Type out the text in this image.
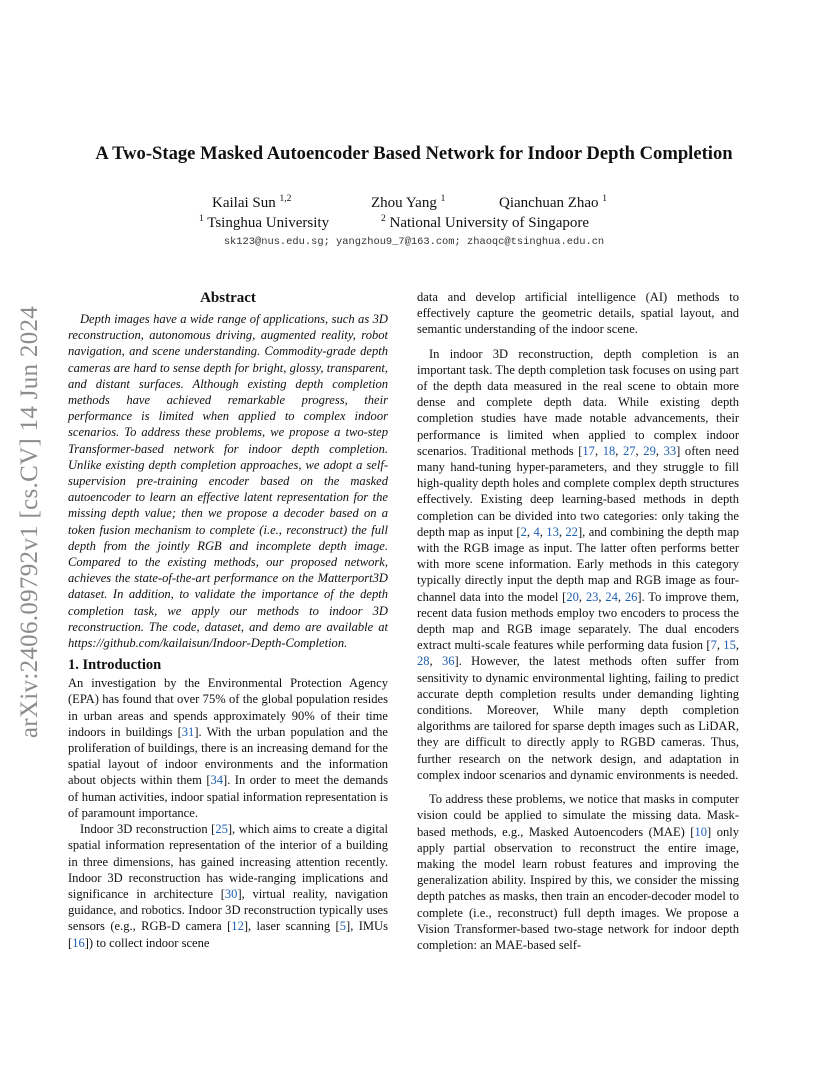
arXiv:2406.09792v1 [cs.CV] 14 Jun 2024
A Two-Stage Masked Autoencoder Based Network for Indoor Depth Completion
Kailai Sun $^{1,2}$	Zhou Yang $^1$	Qianchuan Zhao $^1$
$^1$ Tsinghua University	$^2$ National University of Singapore
sk123@nus.edu.sg; yangzhou9_7@163.com; zhaoqc@tsinghua.edu.cn
Abstract

Depth images have a wide range of applications, such as 3D reconstruction, autonomous driving, augmented reality, robot navigation, and scene understanding. Commodity-grade depth cameras are hard to sense depth for bright, glossy, transparent, and distant surfaces. Although existing depth completion methods have achieved remarkable progress, their performance is limited when applied to complex indoor scenarios. To address these problems, we propose a two-step Transformer-based network for indoor depth completion. Unlike existing depth completion approaches, we adopt a self-supervision pre-training encoder based on the masked autoencoder to learn an effective latent representation for the missing depth value; then we propose a decoder based on a token fusion mechanism to complete (i.e., reconstruct) the full depth from the jointly RGB and incomplete depth image. Compared to the existing methods, our proposed network, achieves the state-of-the-art performance on the Matterport3D dataset. In addition, to validate the importance of the depth completion task, we apply our methods to indoor 3D reconstruction. The code, dataset, and demo are available at https://github.com/kailaisun/Indoor-Depth-Completion.

1. Introduction

An investigation by the Environmental Protection Agency (EPA) has found that over 75% of the global population resides in urban areas and spends approximately 90% of their time indoors in buildings [31]. With the urban population and the proliferation of buildings, there is an increasing demand for the spatial layout of indoor environments and the information about objects within them [34]. In order to meet the demands of human activities, indoor spatial information representation is of paramount importance.

Indoor 3D reconstruction [25], which aims to create a digital spatial information representation of the interior of a building in three dimensions, has gained increasing attention recently. Indoor 3D reconstruction has wide-ranging implications and significance in architecture [30], virtual reality, navigation guidance, and robotics. Indoor 3D reconstruction typically uses sensors (e.g., RGB-D camera [12], laser scanning [5], IMUs [16]) to collect indoor scene

data and develop artificial intelligence (AI) methods to effectively capture the geometric details, spatial layout, and semantic understanding of the indoor scene.

In indoor 3D reconstruction, depth completion is an important task. The depth completion task focuses on using part of the depth data measured in the real scene to obtain more dense and complete depth data. While existing depth completion studies have made notable advancements, their performance is limited when applied to complex indoor scenarios. Traditional methods [17, 18, 27, 29, 33] often need many hand-tuning hyper-parameters, and they struggle to fill high-quality depth holes and complete complex depth structures effectively. Existing deep learning-based methods in depth completion can be divided into two categories: only taking the depth map as input [2, 4, 13, 22], and combining the depth map with the RGB image as input. The latter often performs better with more scene information. Early methods in this category typically directly input the depth map and RGB image as four-channel data into the model [20, 23, 24, 26]. To improve them, recent data fusion methods employ two encoders to process the depth map and RGB image separately. The dual encoders extract multi-scale features while performing data fusion [7, 15, 28, 36]. However, the latest methods often suffer from sensitivity to dynamic environmental lighting, failing to predict accurate depth completion results under demanding lighting conditions. Moreover, While many depth completion algorithms are tailored for sparse depth images such as LiDAR, they are difficult to directly apply to RGBD cameras. Thus, further research on the network design, and adaptation in complex indoor scenarios and dynamic environments is needed.

To address these problems, we notice that masks in computer vision could be applied to simulate the missing data. Mask-based methods, e.g., Masked Autoencoders (MAE) [10] only apply partial observation to reconstruct the entire image, making the model learn robust features and improving the generalization ability. Inspired by this, we consider the missing depth patches as masks, then train an encoder-decoder model to complete (i.e., reconstruct) full depth images. We propose a Vision Transformer-based two-stage network for indoor depth completion: an MAE-based self-
